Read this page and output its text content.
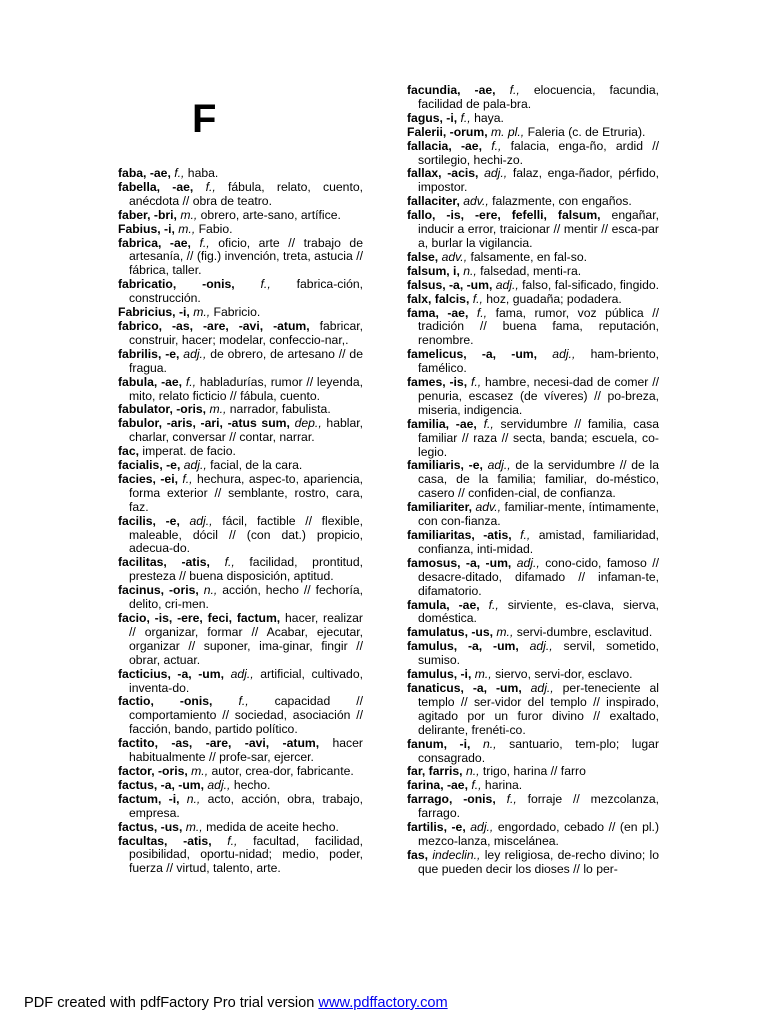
F

faba, -ae, f., haba.

fabella, -ae, f., fábula, relato, cuento, anécdota // obra de teatro.

faber, -bri, m., obrero, arte-sano, artífice.

Fabius, -i, m., Fabio.

fabrica, -ae, f., oficio, arte // trabajo de artesanía, // (fig.) invención, treta, astucia // fábrica, taller.

fabricatio, -onis, f., fabrica-ción, construcción.

Fabricius, -i, m., Fabricio.

fabrico, -as, -are, -avi, -atum, fabricar, construir, hacer; modelar, confeccio-nar,.

fabrilis, -e, adj., de obrero, de artesano // de fragua.

fabula, -ae, f., habladurías, rumor // leyenda, mito, relato ficticio // fábula, cuento.

fabulator, -oris, m., narrador, fabulista.

fabulor, -aris, -ari, -atus sum, dep., hablar, charlar, conversar // contar, narrar.

fac, imperat. de facio.

facialis, -e, adj., facial, de la cara.

facies, -ei, f., hechura, aspec-to, apariencia, forma exterior // semblante, rostro, cara, faz.

facilis, -e, adj., fácil, factible // flexible, maleable, dócil // (con dat.) propicio, adecua-do.

facilitas, -atis, f., facilidad, prontitud, presteza // buena disposición, aptitud.

facinus, -oris, n., acción, hecho // fechoría, delito, cri-men.

facio, -is, -ere, feci, factum, hacer, realizar // organizar, formar // Acabar, ejecutar, organizar // suponer, ima-ginar, fingir // obrar, actuar.

facticius, -a, -um, adj., artificial, cultivado, inventa-do.

factio, -onis, f., capacidad // comportamiento // sociedad, asociación // facción, bando, partido político.

factito, -as, -are, -avi, -atum, hacer habitualmente // profe-sar, ejercer.

factor, -oris, m., autor, crea-dor, fabricante.

factus, -a, -um, adj., hecho.

factum, -i, n., acto, acción, obra, trabajo, empresa.

factus, -us, m., medida de aceite hecho.

facultas, -atis, f., facultad, facilidad, posibilidad, oportu-nidad; medio, poder, fuerza // virtud, talento, arte.

facundia, -ae, f., elocuencia, facundia, facilidad de pala-bra.

fagus, -i, f., haya.

Falerii, -orum, m. pl., Faleria (c. de Etruria).

fallacia, -ae, f., falacia, enga-ño, ardid // sortilegio, hechi-zo.

fallax, -acis, adj., falaz, enga-ñador, pérfido, impostor.

fallaciter, adv., falazmente, con engaños.

fallo, -is, -ere, fefelli, falsum, engañar, inducir a error, traicionar // mentir // esca-par a, burlar la vigilancia.

false, adv., falsamente, en fal-so.

falsum, i, n., falsedad, menti-ra.

falsus, -a, -um, adj., falso, fal-sificado, fingido.

falx, falcis, f., hoz, guadaña; podadera.

fama, -ae, f., fama, rumor, voz pública // tradición // buena fama, reputación, renombre.

famelicus, -a, -um, adj., ham-briento, famélico.

fames, -is, f., hambre, necesi-dad de comer // penuria, escasez (de víveres) // po-breza, miseria, indigencia.

familia, -ae, f., servidumbre // familia, casa familiar // raza // secta, banda; escuela, co-legio.

familiaris, -e, adj., de la servidumbre // de la casa, de la familia; familiar, do-méstico, casero // confiden-cial, de confianza.

familiariter, adv., familiar-mente, íntimamente, con con-fianza.

familiaritas, -atis, f., amistad, familiaridad, confianza, inti-midad.

famosus, -a, -um, adj., cono-cido, famoso // desacre-ditado, difamado // infaman-te, difamatorio.

famula, -ae, f., sirviente, es-clava, sierva, doméstica.

famulatus, -us, m., servi-dumbre, esclavitud.

famulus, -a, -um, adj., servil, sometido, sumiso.

famulus, -i, m., siervo, servi-dor, esclavo.

fanaticus, -a, -um, adj., per-teneciente al templo // ser-vidor del templo // inspirado, agitado por un furor divino // exaltado, delirante, frenéti-co.

fanum, -i, n., santuario, tem-plo; lugar consagrado.

far, farris, n., trigo, harina // farro

farina, -ae, f., harina.

farrago, -onis, f., forraje // mezcolanza, farrago.

fartilis, -e, adj., engordado, cebado // (en pl.) mezco-lanza, miscelánea.

fas, indeclin., ley religiosa, de-recho divino; lo que pueden decir los dioses // lo per-

PDF created with pdfFactory Pro trial version www.pdffactory.com
